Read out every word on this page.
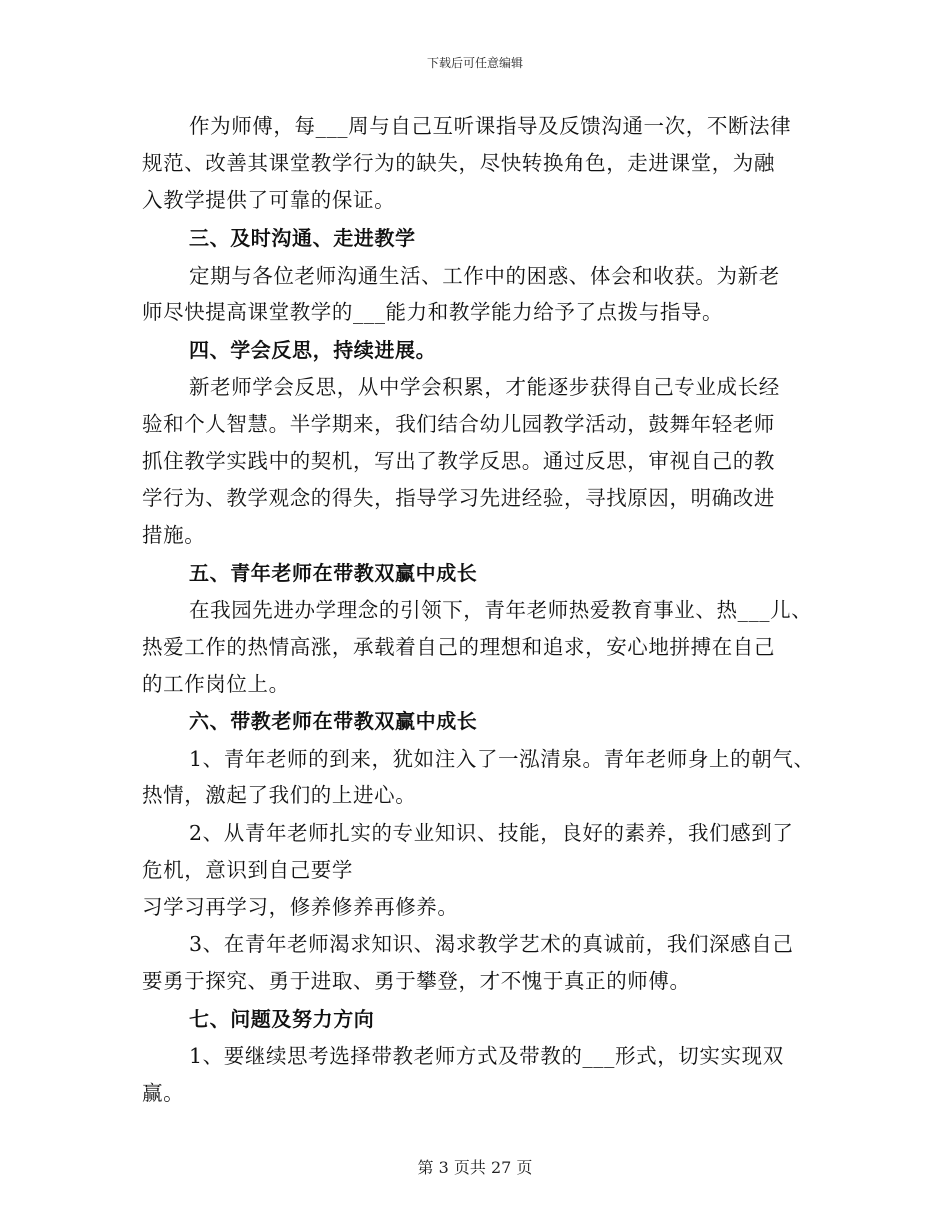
下载后可任意编辑
作为师傅，每___周与自己互听课指导及反馈沟通一次，不断法律
规范、改善其课堂教学行为的缺失，尽快转换角色，走进课堂，为融
入教学提供了可靠的保证。
三、及时沟通、走进教学
定期与各位老师沟通生活、工作中的困惑、体会和收获。为新老
师尽快提高课堂教学的___能力和教学能力给予了点拨与指导。
四、学会反思，持续进展。
新老师学会反思，从中学会积累，才能逐步获得自己专业成长经
验和个人智慧。半学期来，我们结合幼儿园教学活动，鼓舞年轻老师
抓住教学实践中的契机，写出了教学反思。通过反思，审视自己的教
学行为、教学观念的得失，指导学习先进经验，寻找原因，明确改进
措施。
五、青年老师在带教双赢中成长
在我园先进办学理念的引领下，青年老师热爱教育事业、热___儿、
热爱工作的热情高涨，承载着自己的理想和追求，安心地拼搏在自己
的工作岗位上。
六、带教老师在带教双赢中成长
1、青年老师的到来，犹如注入了一泓清泉。青年老师身上的朝气、
热情，激起了我们的上进心。
2、从青年老师扎实的专业知识、技能，良好的素养，我们感到了
危机，意识到自己要学
习学习再学习，修养修养再修养。
3、在青年老师渴求知识、渴求教学艺术的真诚前，我们深感自己
要勇于探究、勇于进取、勇于攀登，才不愧于真正的师傅。
七、问题及努力方向
1、要继续思考选择带教老师方式及带教的___形式，切实实现双
赢。
第 3 页共 27 页
